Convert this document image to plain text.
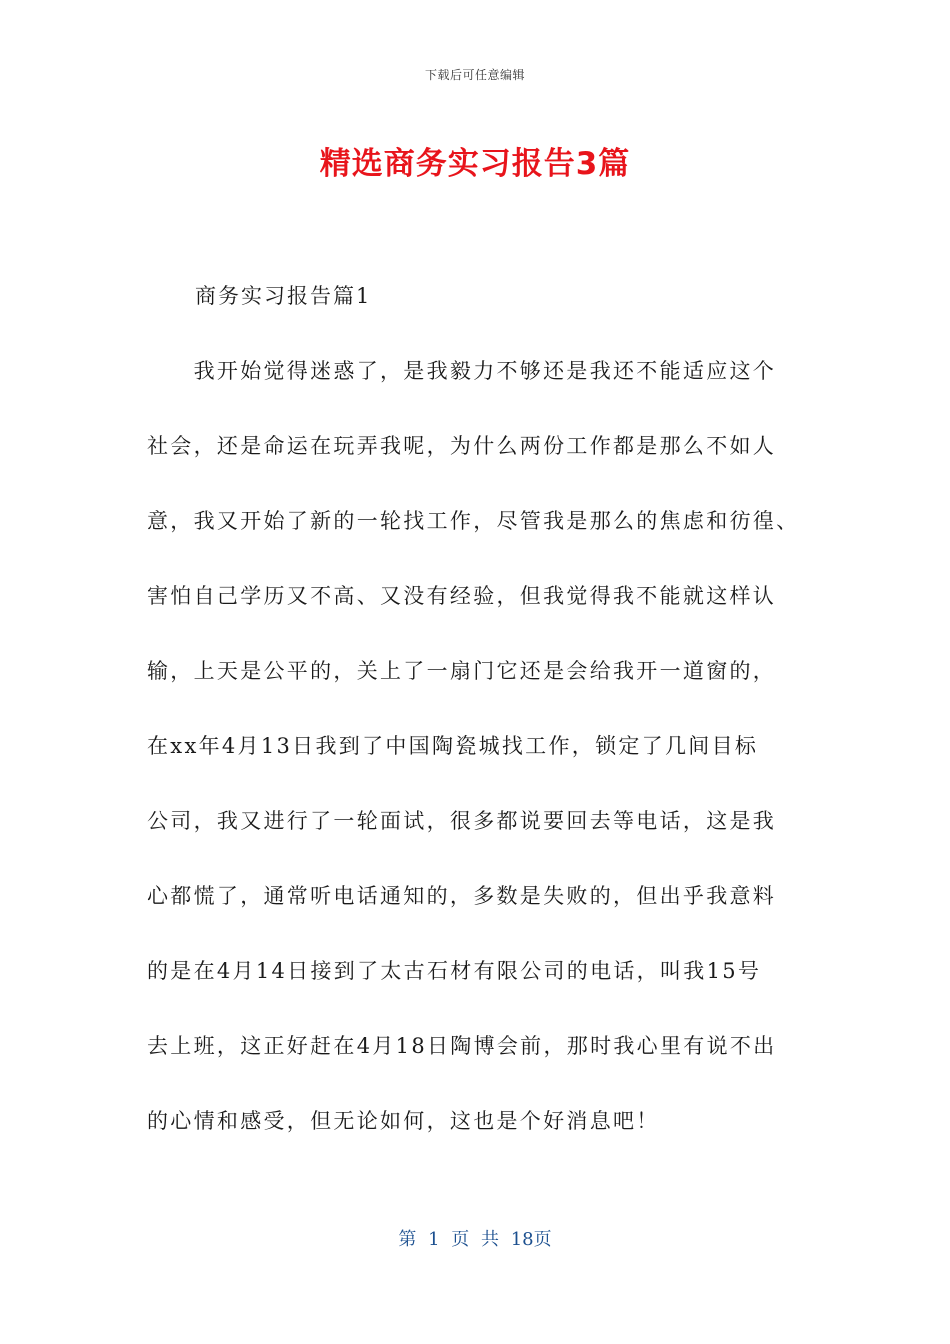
下载后可任意编辑
精选商务实习报告3篇
商务实习报告篇1
　　我开始觉得迷惑了，是我毅力不够还是我还不能适应这个
社会，还是命运在玩弄我呢，为什么两份工作都是那么不如人
意，我又开始了新的一轮找工作，尽管我是那么的焦虑和彷徨、
害怕自己学历又不高、又没有经验，但我觉得我不能就这样认
输，上天是公平的，关上了一扇门它还是会给我开一道窗的，
在xx年4月13日我到了中国陶瓷城找工作，锁定了几间目标
公司，我又进行了一轮面试，很多都说要回去等电话，这是我
心都慌了，通常听电话通知的，多数是失败的，但出乎我意料
的是在4月14日接到了太古石材有限公司的电话，叫我15号
去上班，这正好赶在4月18日陶博会前，那时我心里有说不出
的心情和感受，但无论如何，这也是个好消息吧！
第 1 页 共 18页
